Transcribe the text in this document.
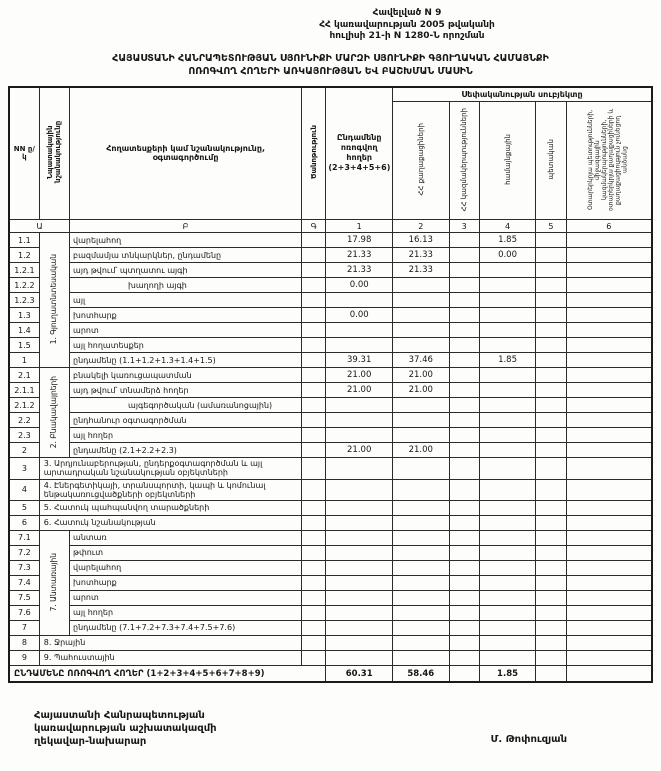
Հավելված N 9
ՀՀ կառավարության 2005 թվականի
հուլիսի 21-ի N 1280-Ն որոշման
ՀԱՅԱՍՏԱՆԻ ՀԱՆՐԱՊԵՏՈՒԹՅԱՆ ՍՅՈՒՆԻՔԻ ՄԱՐԶԻ ՍՅՈՒՆԻՔԻ ԳՅՈՒՂԱԿԱՆ ՀԱՄԱՅՆՔԻ
ՈՌՈԳՎՈՂ ՀՈՂԵՐԻ ԱՌԿԱՅՈՒԹՅԱՆ ԵՎ ԲԱՇԽՄԱՆ ՄԱՍԻՆ
NN ը/կ	Նպատակային նշանակությունը	Հողատեսքերի կամ նշանակությունը, օգտագործումը	Ծանոթություն	Ընդամենը ոռոգվող հողեր (2+3+4+5+6)	Սեփականության սուբյեկտը				
					ՀՀ քաղաքացիների	ՀՀ կազմակերպությունների	համայնքային	պետական	Օտարերկրյա պետությունների, միջազգային կազմակերպությունների, օտարերկրյա քաղաքացիների և քաղաքացիություն չունեցող անձանց
Ա		Բ	Գ	1	2	3	4	5	6
1.1	1. Գյուղատնտեսական	վարելահող		17.98	16.13		1.85		
1.2		բազմամյա տնկարկներ, ընդամենը		21.33	21.33		0.00		
1.2.1		այդ թվում՝ պտղատու այգի		21.33	21.33				
1.2.2		խաղողի այգի		0.00					
1.2.3		այլ							
1.3		խոտհարք		0.00					
1.4		արոտ							
1.5		այլ հողատեսքեր							
1		ընդամենը (1.1+1.2+1.3+1.4+1.5)		39.31	37.46		1.85		
2.1	2. Բնակավայրերի	բնակելի կառուցապատման		21.00	21.00				
2.1.1		այդ թվում՝ տնամերձ հողեր		21.00	21.00				
2.1.2		այգեգործական (ամառանոցային)							
2.2		ընդհանուր օգտագործման							
2.3		այլ հողեր							
2		ընդամենը (2.1+2.2+2.3)		21.00	21.00				
3	3. Արդյունաբերության, ընդերքօգտագործման և այլ արտադրական նշանակության օբյեկտների								
4	4. Էներգետիկայի, տրանսպորտի, կապի և կոմունալ ենթակառուցվածքների օբյեկտների								
5	5. Հատուկ պահպանվող տարածքների								
6	6. Հատուկ նշանակության								
7.1	7. Անտառային	անտառ							
7.2		թփուտ							
7.3		վարելահող							
7.4		խոտհարք							
7.5		արոտ							
7.6		այլ հողեր							
7		ընդամենը (7.1+7.2+7.3+7.4+7.5+7.6)							
8	8. Ջրային								
9	9. Պահուստային								
ԸՆԴԱՄԵՆԸ ՈՌՈԳՎՈՂ ՀՈՂԵՐ (1+2+3+4+5+6+7+8+9)				60.31	58.46		1.85		
Հայաստանի Հանրապետության
կառավարության աշխատակազմի
ղեկավար-նախարար	Մ. Թոփուզյան
